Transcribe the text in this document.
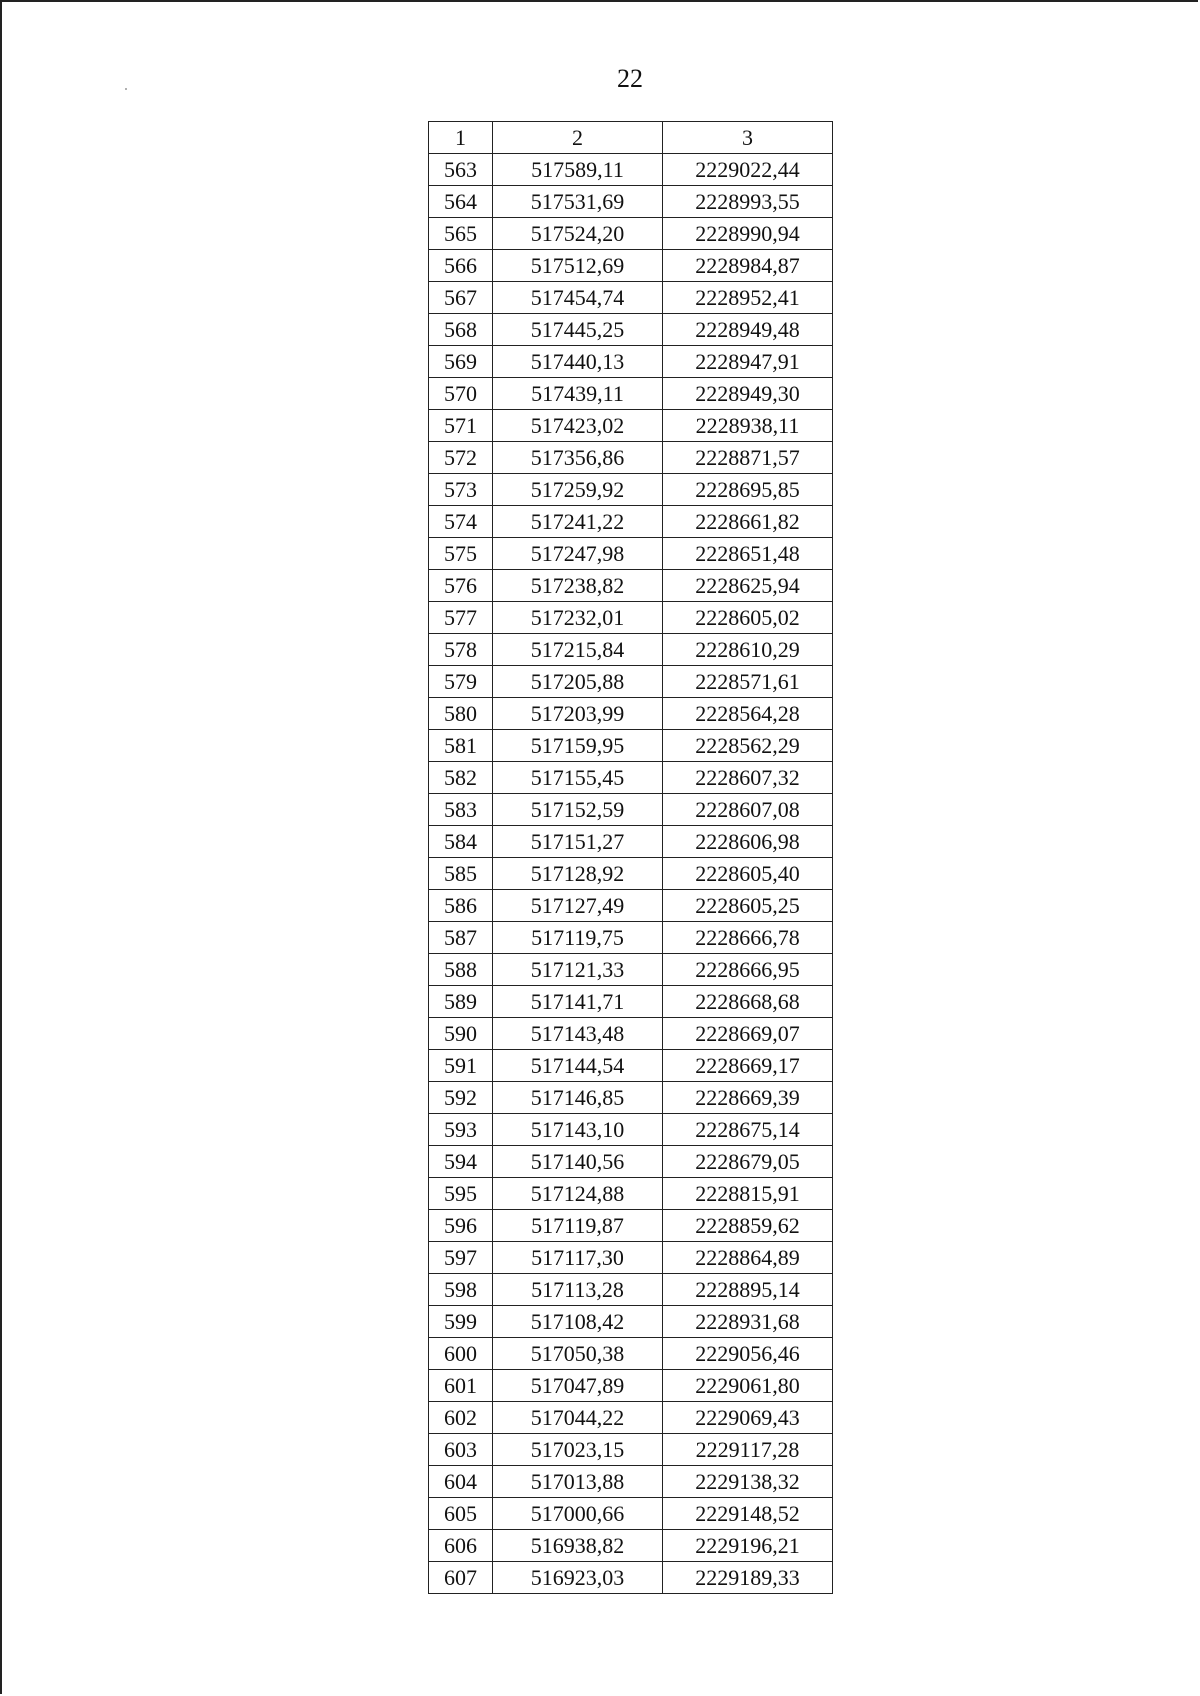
22
1	2	3
563	517589,11	2229022,44
564	517531,69	2228993,55
565	517524,20	2228990,94
566	517512,69	2228984,87
567	517454,74	2228952,41
568	517445,25	2228949,48
569	517440,13	2228947,91
570	517439,11	2228949,30
571	517423,02	2228938,11
572	517356,86	2228871,57
573	517259,92	2228695,85
574	517241,22	2228661,82
575	517247,98	2228651,48
576	517238,82	2228625,94
577	517232,01	2228605,02
578	517215,84	2228610,29
579	517205,88	2228571,61
580	517203,99	2228564,28
581	517159,95	2228562,29
582	517155,45	2228607,32
583	517152,59	2228607,08
584	517151,27	2228606,98
585	517128,92	2228605,40
586	517127,49	2228605,25
587	517119,75	2228666,78
588	517121,33	2228666,95
589	517141,71	2228668,68
590	517143,48	2228669,07
591	517144,54	2228669,17
592	517146,85	2228669,39
593	517143,10	2228675,14
594	517140,56	2228679,05
595	517124,88	2228815,91
596	517119,87	2228859,62
597	517117,30	2228864,89
598	517113,28	2228895,14
599	517108,42	2228931,68
600	517050,38	2229056,46
601	517047,89	2229061,80
602	517044,22	2229069,43
603	517023,15	2229117,28
604	517013,88	2229138,32
605	517000,66	2229148,52
606	516938,82	2229196,21
607	516923,03	2229189,33
